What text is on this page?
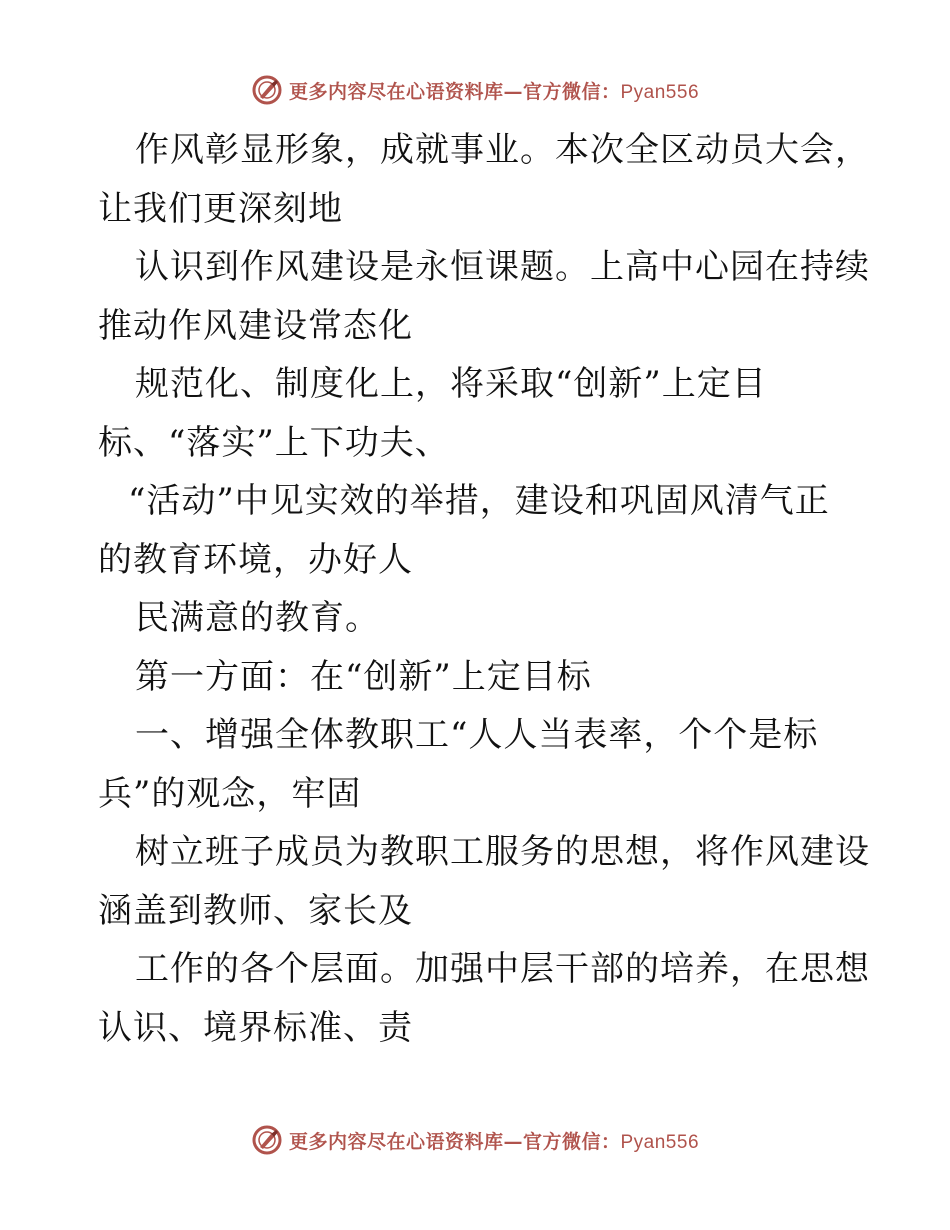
更多内容尽在心语资料库—官方微信：Pyan556
作风彰显形象，成就事业。本次全区动员大会，
让我们更深刻地
认识到作风建设是永恒课题。上高中心园在持续
推动作风建设常态化
规范化、制度化上，将采取“创新”上定目
标、“落实”上下功夫、
“活动”中见实效的举措，建设和巩固风清气正
的教育环境，办好人
民满意的教育。
第一方面：在“创新”上定目标
一、增强全体教职工“人人当表率，个个是标
兵”的观念，牢固
树立班子成员为教职工服务的思想，将作风建设
涵盖到教师、家长及
工作的各个层面。加强中层干部的培养，在思想
认识、境界标准、责
更多内容尽在心语资料库—官方微信：Pyan556
